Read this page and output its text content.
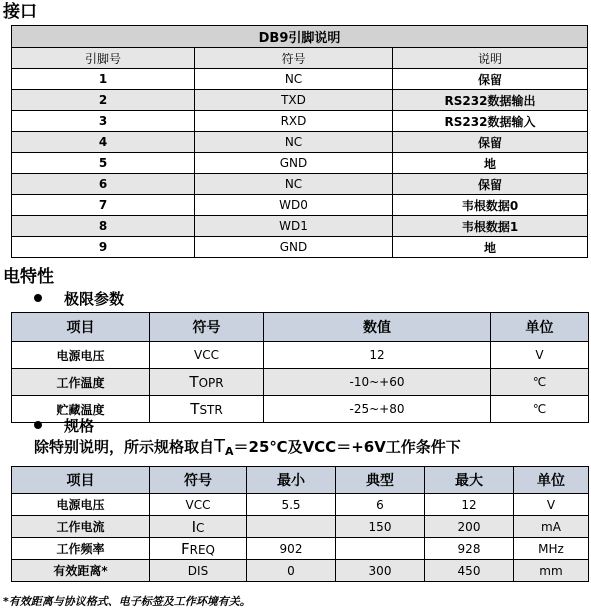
接口
DB9引脚说明		
引脚号	符号	说明
1	NC	保留
2	TXD	RS232数据输出
3	RXD	RS232数据输入
4	NC	保留
5	GND	地
6	NC	保留
7	WD0	韦根数据0
8	WD1	韦根数据1
9	GND	地
电特性
极限参数
项目	符号	数值	单位
电源电压	VCC	12	V
工作温度	TOPR	-10~+60	℃
贮藏温度	TSTR	-25~+80	℃
规格
除特别说明，所示规格取自$T_A=25℃$及VCC＝+6V工作条件下
项目	符号	最小	典型	最大	单位
电源电压	VCC	5.5	6	12	V
工作电流	IC		150	200	mA
工作频率	FREQ	902		928	MHz
有效距离*	DIS	0	300	450	mm
*有效距离与协议格式、电子标签及工作环境有关。
